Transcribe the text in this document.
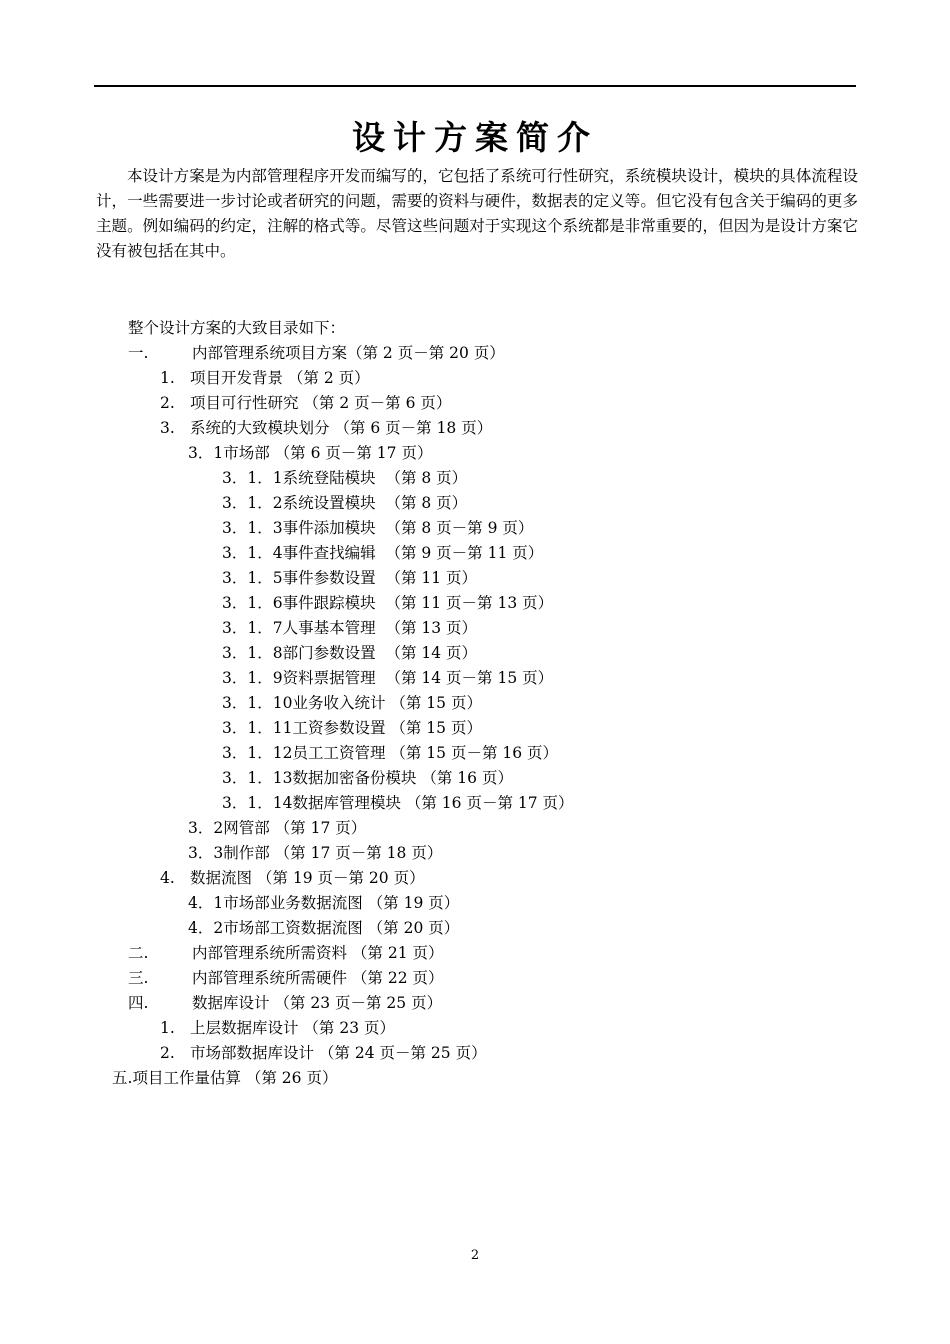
设计方案简介
本设计方案是为内部管理程序开发而编写的，它包括了系统可行性研究，系统模块设计，模块的具体流程设计，一些需要进一步讨论或者研究的问题，需要的资料与硬件，数据表的定义等。但它没有包含关于编码的更多主题。例如编码的约定，注解的格式等。尽管这些问题对于实现这个系统都是非常重要的，但因为是设计方案它没有被包括在其中。
整个设计方案的大致目录如下：
一.	内部管理系统项目方案（第 2 页－第 20 页）
1. 项目开发背景 （第 2 页）
2. 项目可行性研究 （第 2 页－第 6 页）
3. 系统的大致模块划分 （第 6 页－第 18 页）
3．1市场部 （第 6 页－第 17 页）
3．1．1系统登陆模块  （第 8 页）
3．1．2系统设置模块  （第 8 页）
3．1．3事件添加模块  （第 8 页－第 9 页）
3．1．4事件查找编辑  （第 9 页－第 11 页）
3．1．5事件参数设置  （第 11 页）
3．1．6事件跟踪模块  （第 11 页－第 13 页）
3．1．7人事基本管理  （第 13 页）
3．1．8部门参数设置  （第 14 页）
3．1．9资料票据管理  （第 14 页－第 15 页）
3．1．10业务收入统计 （第 15 页）
3．1．11工资参数设置 （第 15 页）
3．1．12员工工资管理 （第 15 页－第 16 页）
3．1．13数据加密备份模块 （第 16 页）
3．1．14数据库管理模块 （第 16 页－第 17 页）
3．2网管部 （第 17 页）
3．3制作部 （第 17 页－第 18 页）
4. 数据流图 （第 19 页－第 20 页）
4．1市场部业务数据流图 （第 19 页）
4．2市场部工资数据流图 （第 20 页）
二.	内部管理系统所需资料 （第 21 页）
三.	内部管理系统所需硬件 （第 22 页）
四.	数据库设计 （第 23 页－第 25 页）
1. 上层数据库设计 （第 23 页）
2. 市场部数据库设计 （第 24 页－第 25 页）
五.项目工作量估算 （第 26 页）
2
